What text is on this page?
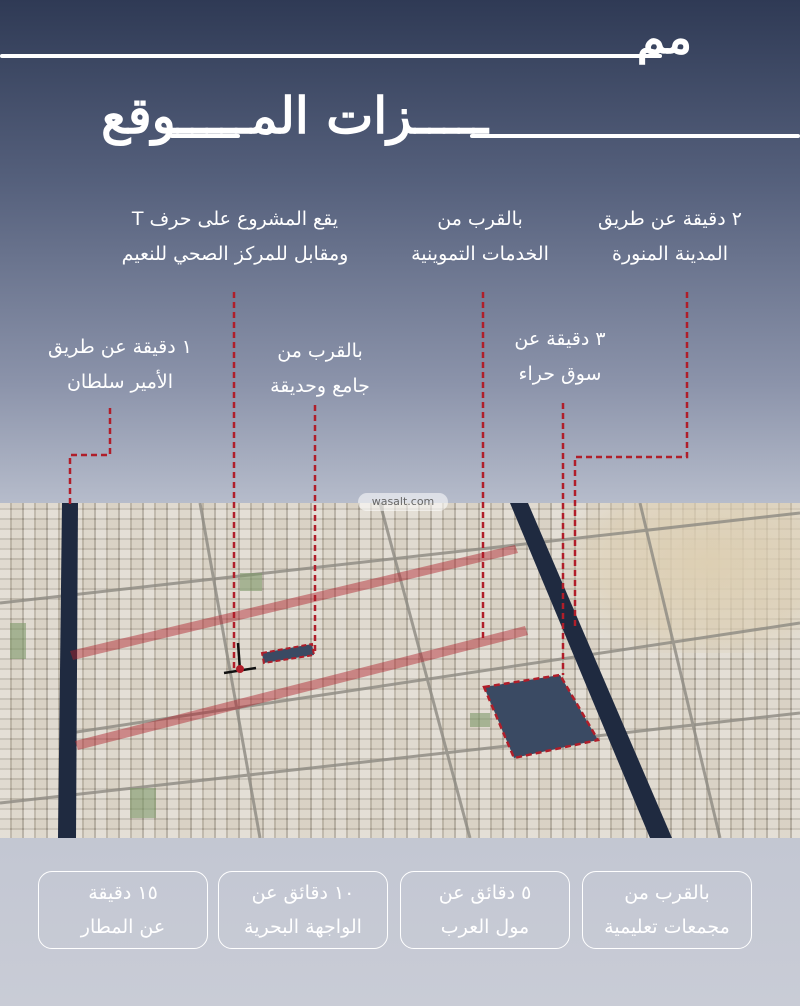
مم
ـــــزات المـــــوقع
يقع المشروع على حرف T
ومقابل للمركز الصحي للنعيم
بالقرب من
الخدمات التموينية
٢ دقيقة عن طريق
المدينة المنورة
بالقرب من
جامع وحديقة
٣ دقيقة عن
سوق حراء
١ دقيقة عن طريق
الأمير سلطان
wasalt.com
١٥ دقيقة
عن المطار
١٠ دقائق عن
الواجهة البحرية
٥ دقائق عن
مول العرب
بالقرب من
مجمعات تعليمية
